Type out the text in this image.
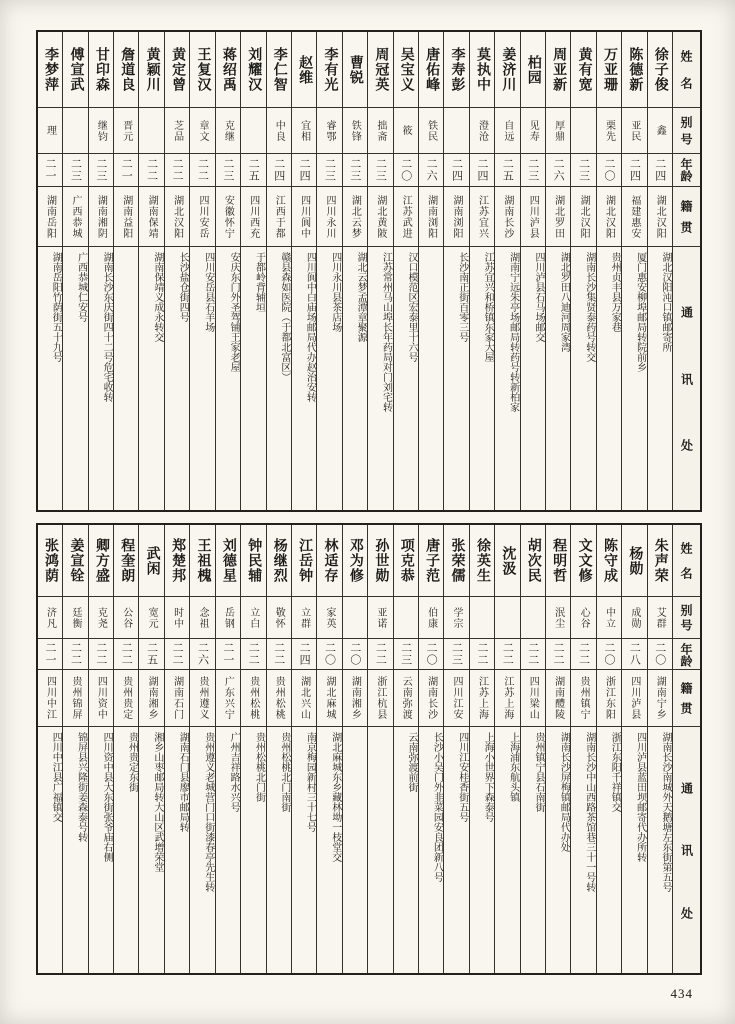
姓
名
别
号
年
龄
籍
贯
通
讯
处
徐子俊
鑫
二四
湖北汉阳
湖北汉阳沌口镇邮寄所
陈德新
亚民
二四
福建惠安
厦门惠安柳埠邮局转院前乡
万亚珊
栗先
二〇
湖北汉阳
贵州贞丰县万家巷
黄有宽
二三
湖北汉阳
湖南长沙集贤泰药号转交
周亚新
厚鼎
二六
湖北罗田
湖北罗田八迪河周家湾
柏园
见寿
二三
四川泸县
四川泸县石马场邮交
姜济川
自远
二五
湖南长沙
湖南宁远朱亭场邮局转药号转新柏家
莫执中
澄沧
二四
江苏宜兴
江苏宜兴和桥镇东家大屋
李寿彭
二四
湖南浏阳
长沙南正街百零三号
唐佑峰
铁民
二六
湖南浏阳
吴宝义
筱
二〇
江苏武进
汉口模范区宏泰里十六号
周冠英
拙斋
二三
湖北黄陂
江苏常州马山埠长年药局对门刘宅转
曹锐
铁锋
二三
湖北云梦
湖北云梦孟潭章聚源
李有光
睿鄂
二三
四川永川
四川永川县茶店场
赵维
宜相
二四
四川阆中
四川阆中白庙场邮局代办赵治安转
李仁智
中良
二四
江西于都
赣县森如医院（于都北富区）
刘耀汉
二五
四川西充
于都岭背辅垣
蒋绍禹
克继
二三
安徽怀宁
安庆东门外圣驾铺王家老屋
王复汉
章文
二二
四川安岳
四川安岳县石羊场
黄定曾
芝品
二二
湖北汉阳
长沙盐仓街四号
黄颖川
二二
湖南保靖
湖南保靖义成永转交
詹道良
晋元
二一
湖南益阳
甘印森
继钧
二三
湖南湘阴
湖南长沙东庆街四十二号危宅收转
傅宣武
二三
广西恭城
广西恭城仁安号
李梦萍
理
二一
湖南岳阳
湖南岳阳竹荫街五十九号
姓
名
别
号
年
龄
籍
贯
通
讯
处
朱声荣
艾群
二〇
湖南宁乡
湖南长沙南城外天鹅塘左东街第五号
杨勋
成勋
二八
四川泸县
四川泸县蓝田坝邮寄代办所转
陈守成
中立
二〇
浙江东阳
浙江东阳千祥镇交
文文修
心谷
二二
贵州镇宁
湖南长沙中山西路茶馆巷三十一号转
程明哲
泯尘
二二
湖南醴陵
湖南长沙屏梅镇邮局代办处
胡次民
二二
四川梁山
贵州镇宁县石南街
沈汲
二二
江苏上海
上海浦东航头镇
徐英生
二二
江苏上海
上海小世界下森泰号
张荣儒
学宗
二三
四川江安
四川江安桂香街五号
唐子范
伯康
二〇
湖南长沙
长沙小吴门外韭菜园安良团新八号
项克恭
二三
云南弥渡
云南弥渡前街
孙世勋
亚诺
二二
浙江杭县
邓为修
二〇
湖南湘乡
林适存
家英
二〇
湖北麻城
湖北麻城东乡藏林坳一枝堂交
江岳钟
立群
二四
湖北兴山
南京梅园新村三十七号
杨继烈
敬怀
二二
贵州松桃
贵州松桃北门南街
钟民辅
立白
二二
贵州松桃
贵州松桃北门街
刘德星
岳钢
二一
广东兴宁
广州吉祥路水兴号
王祖槐
念祖
二六
贵州遵义
贵州遵义老城营门口街漆春亭先生转
郑楚邦
时中
二二
湖南石门
湖南石门县廖市邮局转
武闲
宽元
二五
湖南湘乡
湘乡山枣邮局转大山区武增荣堂
程奎朗
公谷
二二
贵州贵定
贵州贵定东街
卿方盛
克尧
二二
四川资中
四川资中县大东街张爷庙右侧
姜宣铨
廷衡
二二
贵州锦屏
锦屏县兴隆街姜森泰号转
张鸿荫
济凡
二一
四川中江
四川中江县广福镇交
434
